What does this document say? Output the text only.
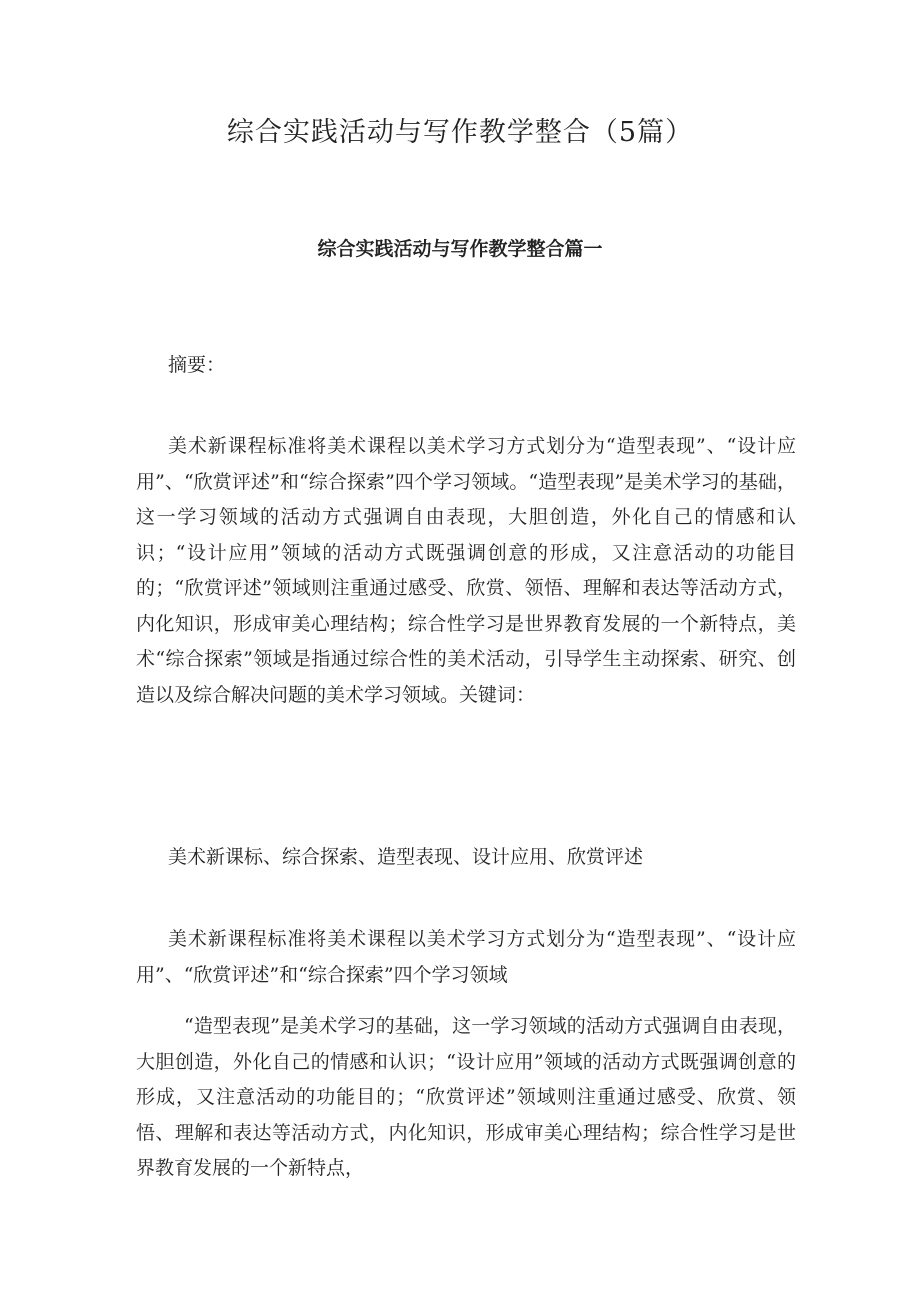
综合实践活动与写作教学整合（5篇）
综合实践活动与写作教学整合篇一

摘要：

美术新课程标准将美术课程以美术学习方式划分为“造型表现”、“设计应用”、“欣赏评述”和“综合探索”四个学习领域。“造型表现”是美术学习的基础，这一学习领域的活动方式强调自由表现，大胆创造，外化自己的情感和认识；“设计应用”领域的活动方式既强调创意的形成，又注意活动的功能目的；“欣赏评述”领域则注重通过感受、欣赏、领悟、理解和表达等活动方式，内化知识，形成审美心理结构；综合性学习是世界教育发展的一个新特点，美术“综合探索”领域是指通过综合性的美术活动，引导学生主动探索、研究、创造以及综合解决问题的美术学习领域。关键词：

美术新课标、综合探索、造型表现、设计应用、欣赏评述

美术新课程标准将美术课程以美术学习方式划分为“造型表现”、“设计应用”、“欣赏评述”和“综合探索”四个学习领域

“造型表现”是美术学习的基础，这一学习领域的活动方式强调自由表现，大胆创造，外化自己的情感和认识；“设计应用”领域的活动方式既强调创意的形成，又注意活动的功能目的；“欣赏评述”领域则注重通过感受、欣赏、领悟、理解和表达等活动方式，内化知识，形成审美心理结构；综合性学习是世界教育发展的一个新特点，
